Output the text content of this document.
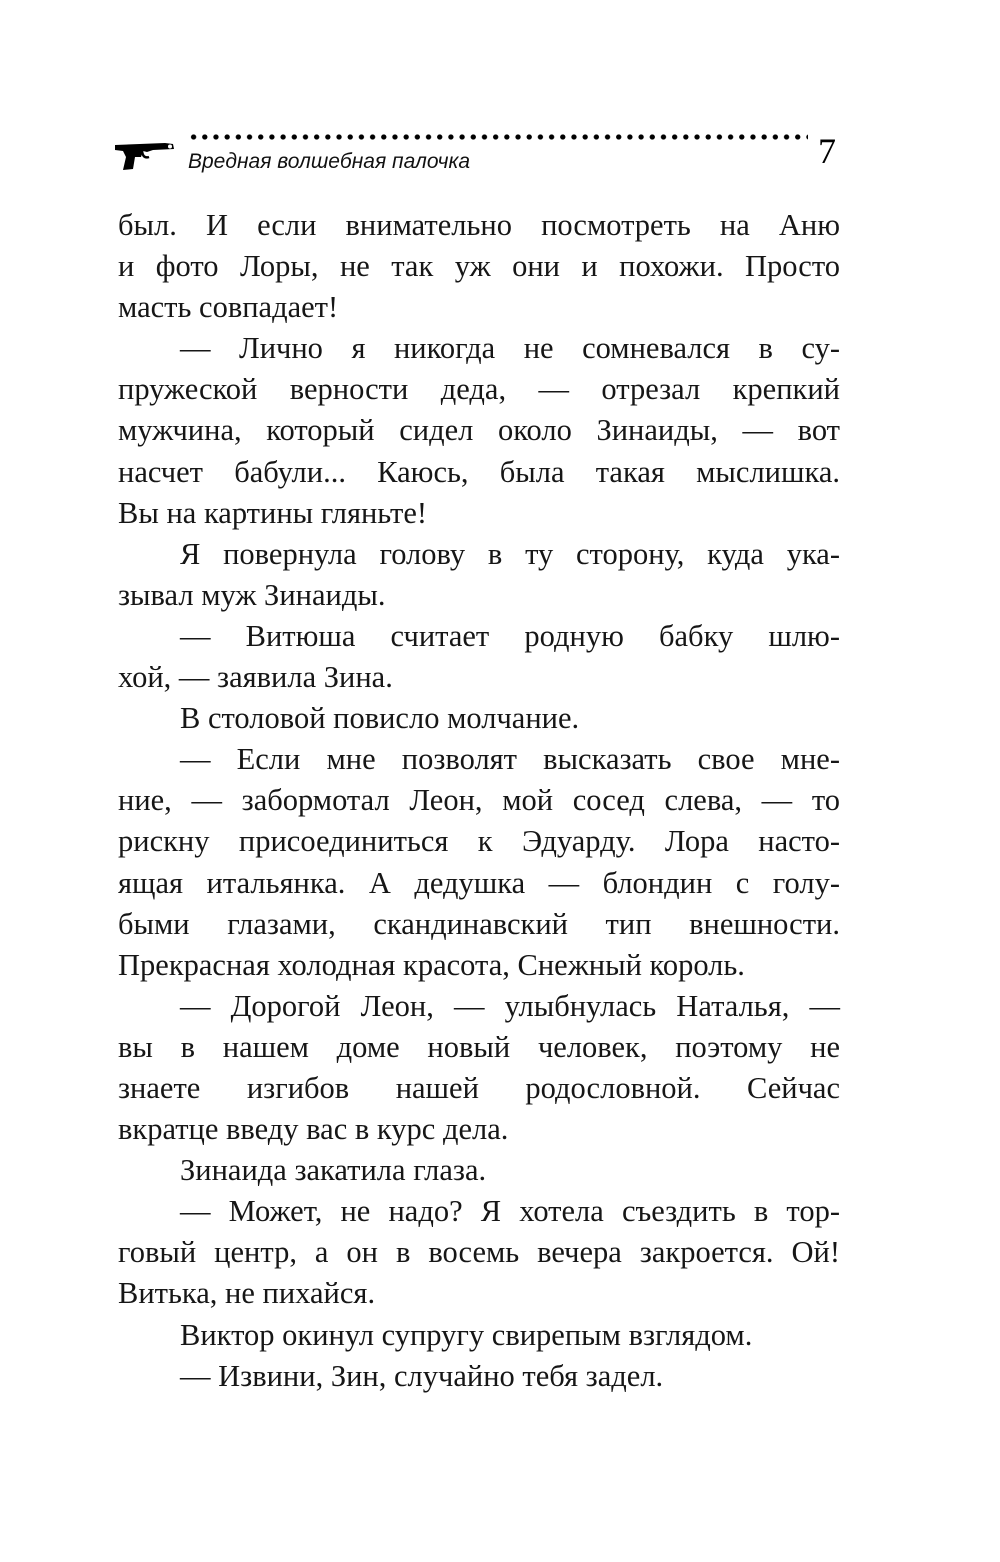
Врeдная волшебная палочка	7
был. И если внимательно посмотреть на Аню
и фото Лоры, не так уж они и похожи. Просто
масть совпадает!
— Лично я никогда не сомневался в су-
пружеской верности деда, — отрезал крепкий
мужчина, который сидел около Зинаиды, — вот
насчет бабули... Каюсь, была такая мыслишка.
Вы на картины гляньте!
Я повернула голову в ту сторону, куда ука-
зывал муж Зинаиды.
— Витюша считает родную бабку шлю-
хой, — заявила Зина.
В столовой повисло молчание.
— Если мне позволят высказать свое мне-
ние, — забормотал Леон, мой сосед слева, — то
рискну присоединиться к Эдуарду. Лора насто-
ящая итальянка. А дедушка — блондин с голу-
быми глазами, скандинавский тип внешности.
Прекрасная холодная красота, Снежный король.
— Дорогой Леон, — улыбнулась Наталья, —
вы в нашем доме новый человек, поэтому не
знаете изгибов нашей родословной. Сейчас
вкратце введу вас в курс дела.
Зинаида закатила глаза.
— Может, не надо? Я хотела съездить в тор-
говый центр, а он в восемь вечера закроется. Ой!
Витька, не пихайся.
Виктор окинул супругу свирепым взглядом.
— Извини, Зин, случайно тебя задел.
